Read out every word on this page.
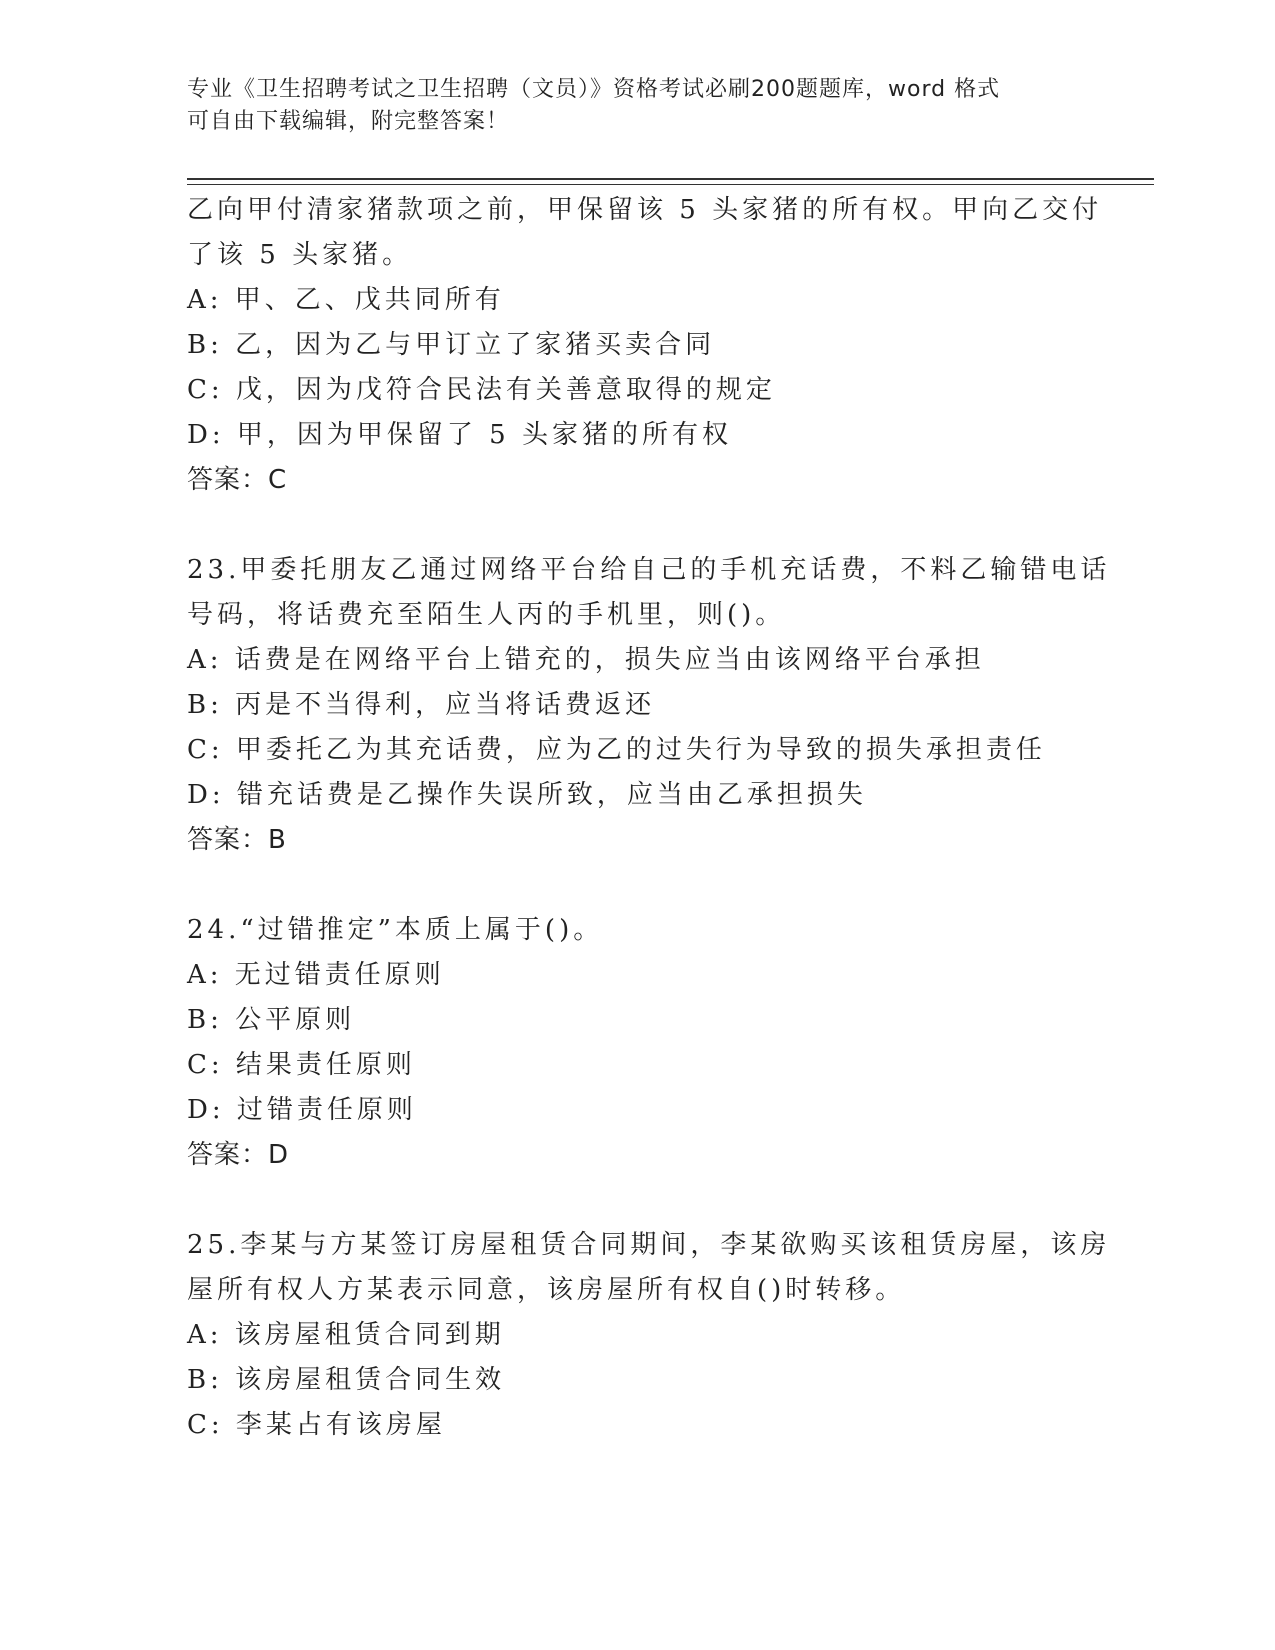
专业《卫生招聘考试之卫生招聘（文员）》资格考试必刷200题题库，word 格式
可自由下载编辑，附完整答案！
乙向甲付清家猪款项之前，甲保留该 5 头家猪的所有权。甲向乙交付
了该 5 头家猪。
A: 甲、乙、戊共同所有
B: 乙，因为乙与甲订立了家猪买卖合同
C: 戊，因为戊符合民法有关善意取得的规定
D: 甲，因为甲保留了 5 头家猪的所有权
答案：C
23.甲委托朋友乙通过网络平台给自己的手机充话费，不料乙输错电话
号码，将话费充至陌生人丙的手机里，则()。
A: 话费是在网络平台上错充的，损失应当由该网络平台承担
B: 丙是不当得利，应当将话费返还
C: 甲委托乙为其充话费，应为乙的过失行为导致的损失承担责任
D: 错充话费是乙操作失误所致，应当由乙承担损失
答案：B
24.“过错推定”本质上属于()。
A: 无过错责任原则
B: 公平原则
C: 结果责任原则
D: 过错责任原则
答案：D
25.李某与方某签订房屋租赁合同期间，李某欲购买该租赁房屋，该房
屋所有权人方某表示同意，该房屋所有权自()时转移。
A: 该房屋租赁合同到期
B: 该房屋租赁合同生效
C: 李某占有该房屋
